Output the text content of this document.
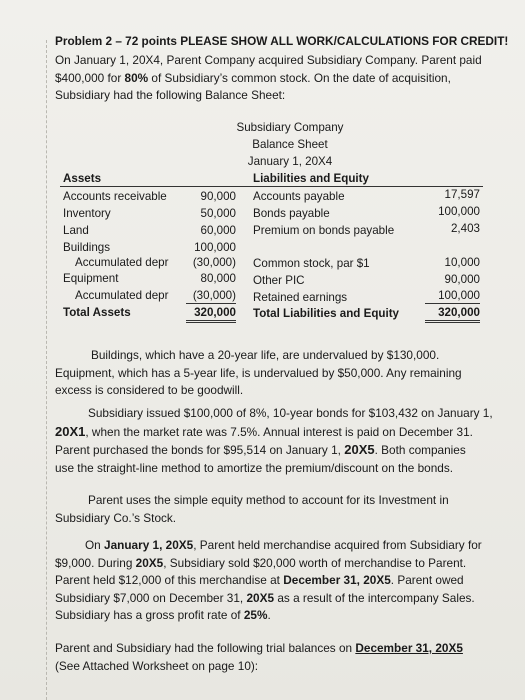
Problem 2 – 72 points PLEASE SHOW ALL WORK/CALCULATIONS FOR CREDIT!
On January 1, 20X4, Parent Company acquired Subsidiary Company. Parent paid
$400,000 for 80% of Subsidiary’s common stock. On the date of acquisition,
Subsidiary had the following Balance Sheet:
Subsidiary Company
Balance Sheet
January 1, 20X4
Assets	Liabilities and Equity
Accounts receivable
Inventory
Land
Buildings
Accumulated depr
Equipment
Accumulated depr
Total Assets
90,000
50,000
60,000
100,000
(30,000)
80,000
(30,000)
320,000
Accounts payable
Bonds payable
Premium on bonds payable
Common stock, par $1
Other PIC
Retained earnings
Total Liabilities and Equity
17,597
100,000
2,403
10,000
90,000
100,000
320,000
Buildings, which have a 20-year life, are undervalued by $130,000.
Equipment, which has a 5-year life, is undervalued by $50,000. Any remaining
excess is considered to be goodwill.
Subsidiary issued $100,000 of 8%, 10-year bonds for $103,432 on January 1,
20X1, when the market rate was 7.5%. Annual interest is paid on December 31.
Parent purchased the bonds for $95,514 on January 1, 20X5. Both companies
use the straight-line method to amortize the premium/discount on the bonds.
Parent uses the simple equity method to account for its Investment in
Subsidiary Co.’s Stock.
On January 1, 20X5, Parent held merchandise acquired from Subsidiary for
$9,000. During 20X5, Subsidiary sold $20,000 worth of merchandise to Parent.
Parent held $12,000 of this merchandise at December 31, 20X5. Parent owed
Subsidiary $7,000 on December 31, 20X5 as a result of the intercompany Sales.
Subsidiary has a gross profit rate of 25%.
Parent and Subsidiary had the following trial balances on December 31, 20X5
(See Attached Worksheet on page 10):
